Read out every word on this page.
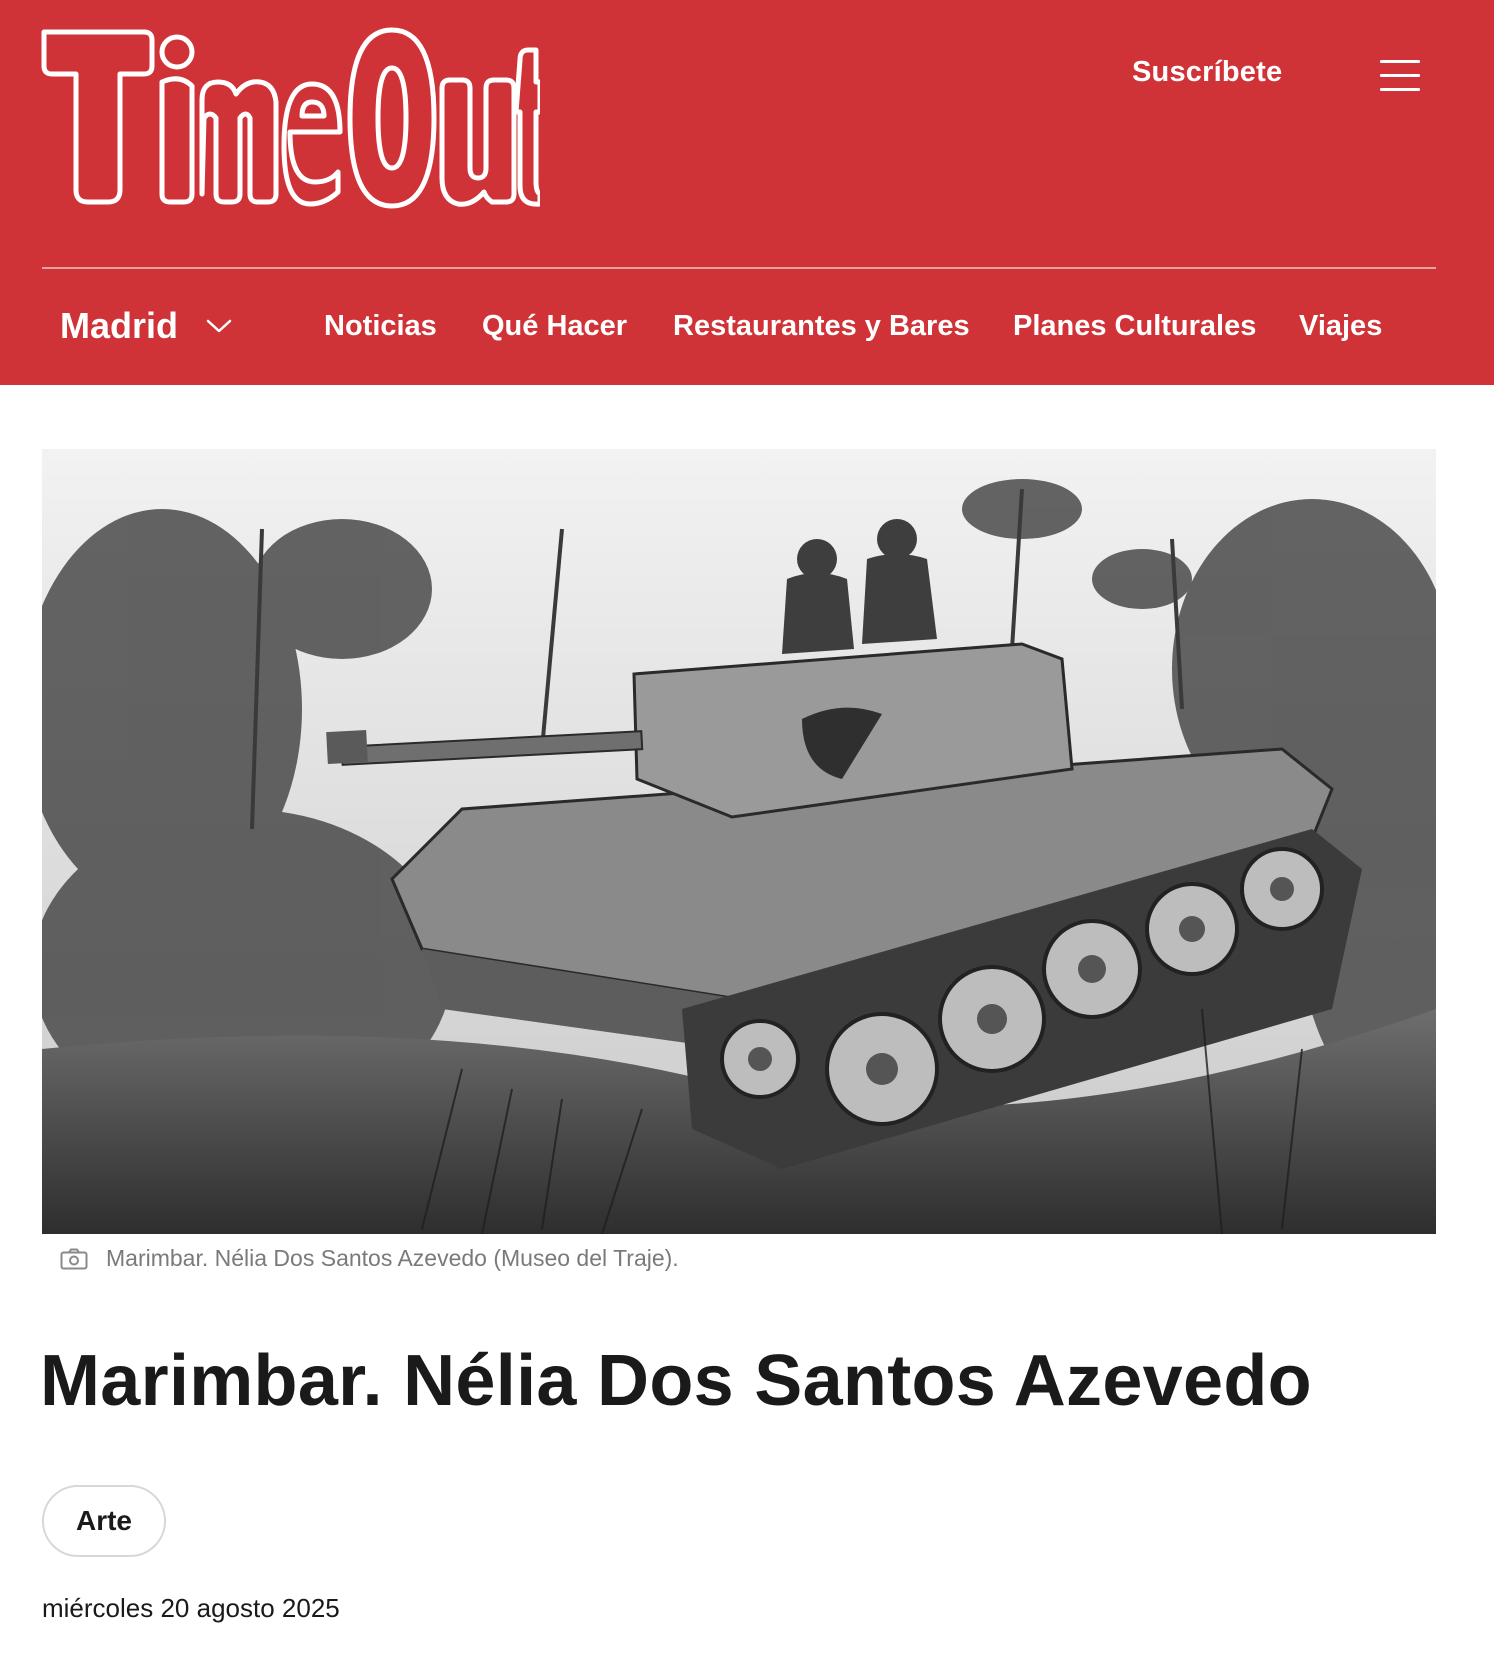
Suscríbete
Madrid	Noticias Qué Hacer Restaurantes y Bares Planes Culturales Viajes
Marimbar. Nélia Dos Santos Azevedo (Museo del Traje).
Marimbar. Nélia Dos Santos Azevedo
Arte
miércoles 20 agosto 2025
